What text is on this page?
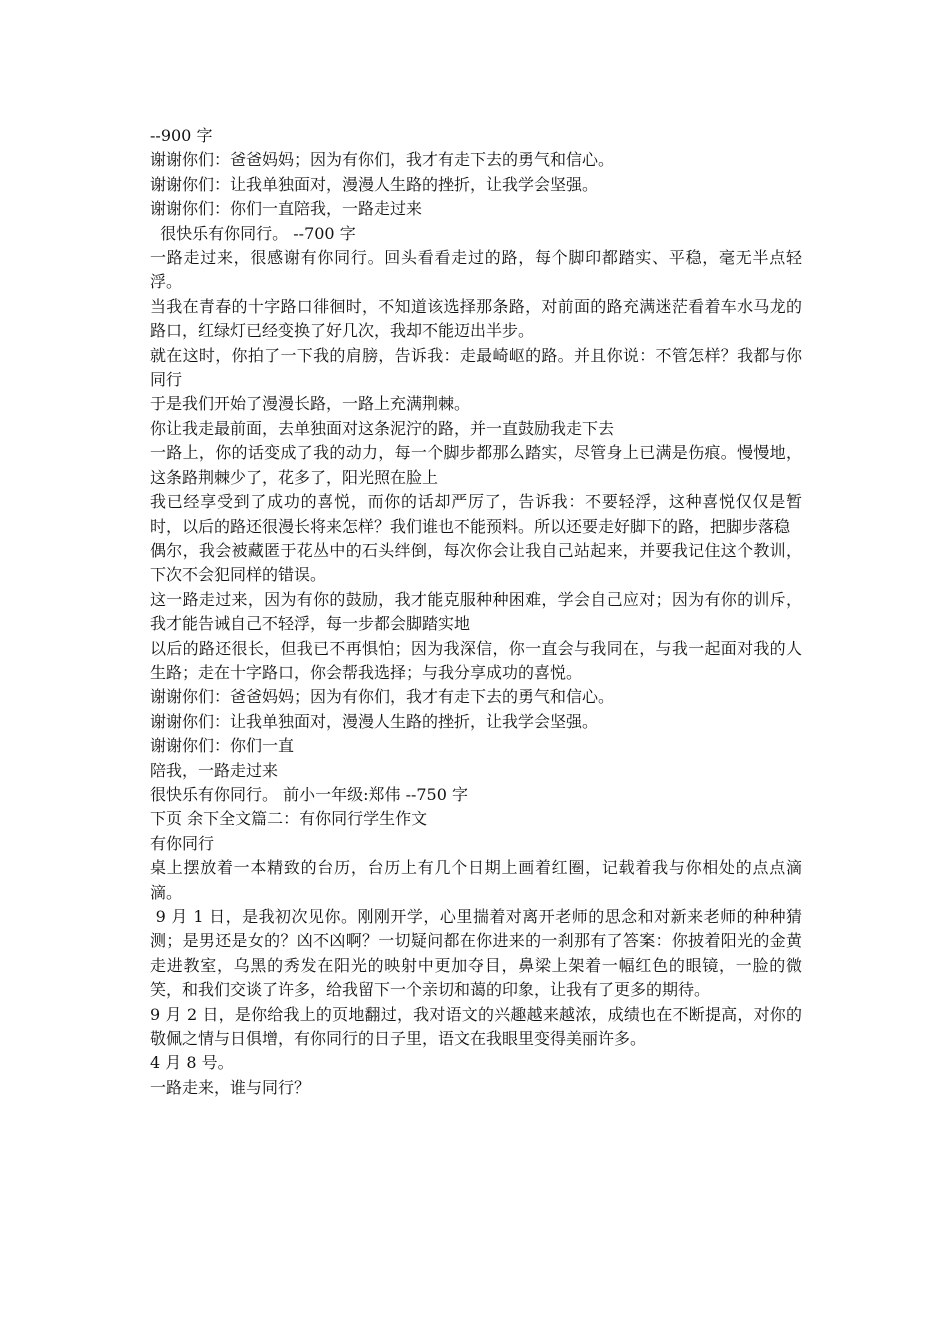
--900 字

谢谢你们：爸爸妈妈；因为有你们，我才有走下去的勇气和信心。

谢谢你们：让我单独面对，漫漫人生路的挫折，让我学会坚强。

谢谢你们：你们一直陪我，一路走过来

很快乐有你同行。 --700 字

一路走过来，很感谢有你同行。回头看看走过的路，每个脚印都踏实、平稳，毫无半点轻浮。

当我在青春的十字路口徘徊时，不知道该选择那条路，对前面的路充满迷茫看着车水马龙的路口，红绿灯已经变换了好几次，我却不能迈出半步。

就在这时，你拍了一下我的肩膀，告诉我：走最崎岖的路。并且你说：不管怎样？我都与你同行

于是我们开始了漫漫长路，一路上充满荆棘。

你让我走最前面，去单独面对这条泥泞的路，并一直鼓励我走下去

一路上，你的话变成了我的动力，每一个脚步都那么踏实，尽管身上已满是伤痕。慢慢地，这条路荆棘少了，花多了，阳光照在脸上

我已经享受到了成功的喜悦，而你的话却严厉了，告诉我：不要轻浮，这种喜悦仅仅是暂时，以后的路还很漫长将来怎样？我们谁也不能预料。所以还要走好脚下的路，把脚步落稳

偶尔，我会被藏匿于花丛中的石头绊倒，每次你会让我自己站起来，并要我记住这个教训，下次不会犯同样的错误。

这一路走过来，因为有你的鼓励，我才能克服种种困难，学会自己应对；因为有你的训斥，我才能告诫自己不轻浮，每一步都会脚踏实地

以后的路还很长，但我已不再惧怕；因为我深信，你一直会与我同在，与我一起面对我的人生路；走在十字路口，你会帮我选择；与我分享成功的喜悦。

谢谢你们：爸爸妈妈；因为有你们，我才有走下去的勇气和信心。

谢谢你们：让我单独面对，漫漫人生路的挫折，让我学会坚强。

谢谢你们：你们一直

陪我，一路走过来

很快乐有你同行。 前小一年级:郑伟 --750 字

下页 余下全文篇二：有你同行学生作文

有你同行

桌上摆放着一本精致的台历，台历上有几个日期上画着红圈，记载着我与你相处的点点滴滴。

9 月 1 日，是我初次见你。刚刚开学，心里揣着对离开老师的思念和对新来老师的种种猜测；是男还是女的？凶不凶啊？一切疑问都在你进来的一刹那有了答案：你披着阳光的金黄走进教室，乌黑的秀发在阳光的映射中更加夺目，鼻梁上架着一幅红色的眼镜，一脸的微笑，和我们交谈了许多，给我留下一个亲切和蔼的印象，让我有了更多的期待。

9 月 2 日，是你给我上的页地翻过，我对语文的兴趣越来越浓，成绩也在不断提高，对你的敬佩之情与日俱增，有你同行的日子里，语文在我眼里变得美丽许多。

4 月 8 号。

一路走来，谁与同行？
